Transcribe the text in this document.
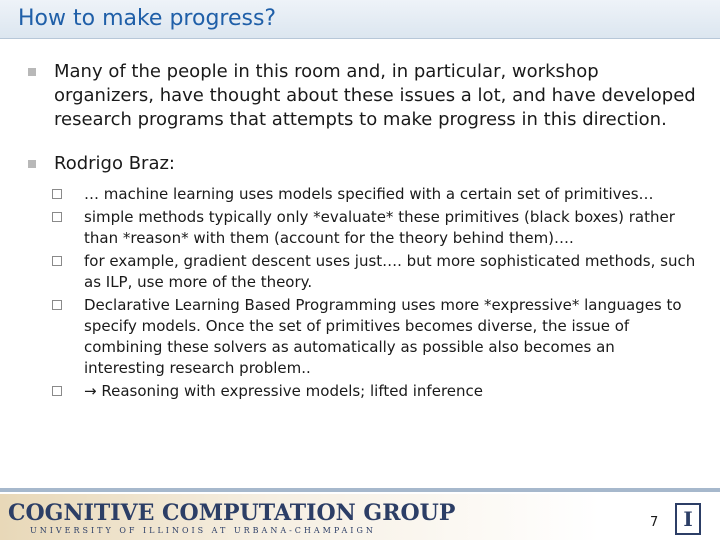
How to make progress?
Many of the people in this room and, in particular, workshop organizers, have thought about these issues a lot, and have developed research programs that attempts to make progress in this direction.
Rodrigo Braz:
… machine learning uses models specified with a certain set of primitives…
simple methods typically only *evaluate* these primitives (black boxes) rather than *reason* with them (account for the theory behind them)….
for example, gradient descent uses just…. but more sophisticated methods, such as ILP, use more of the theory.
Declarative Learning Based Programming uses more *expressive* languages to specify models. Once the set of primitives becomes diverse, the issue of combining these solvers as automatically as possible also becomes an interesting research problem..
→ Reasoning with expressive models; lifted inference
COGNITIVE COMPUTATION GROUP
UNIVERSITY OF ILLINOIS AT URBANA-CHAMPAIGN
7	I
